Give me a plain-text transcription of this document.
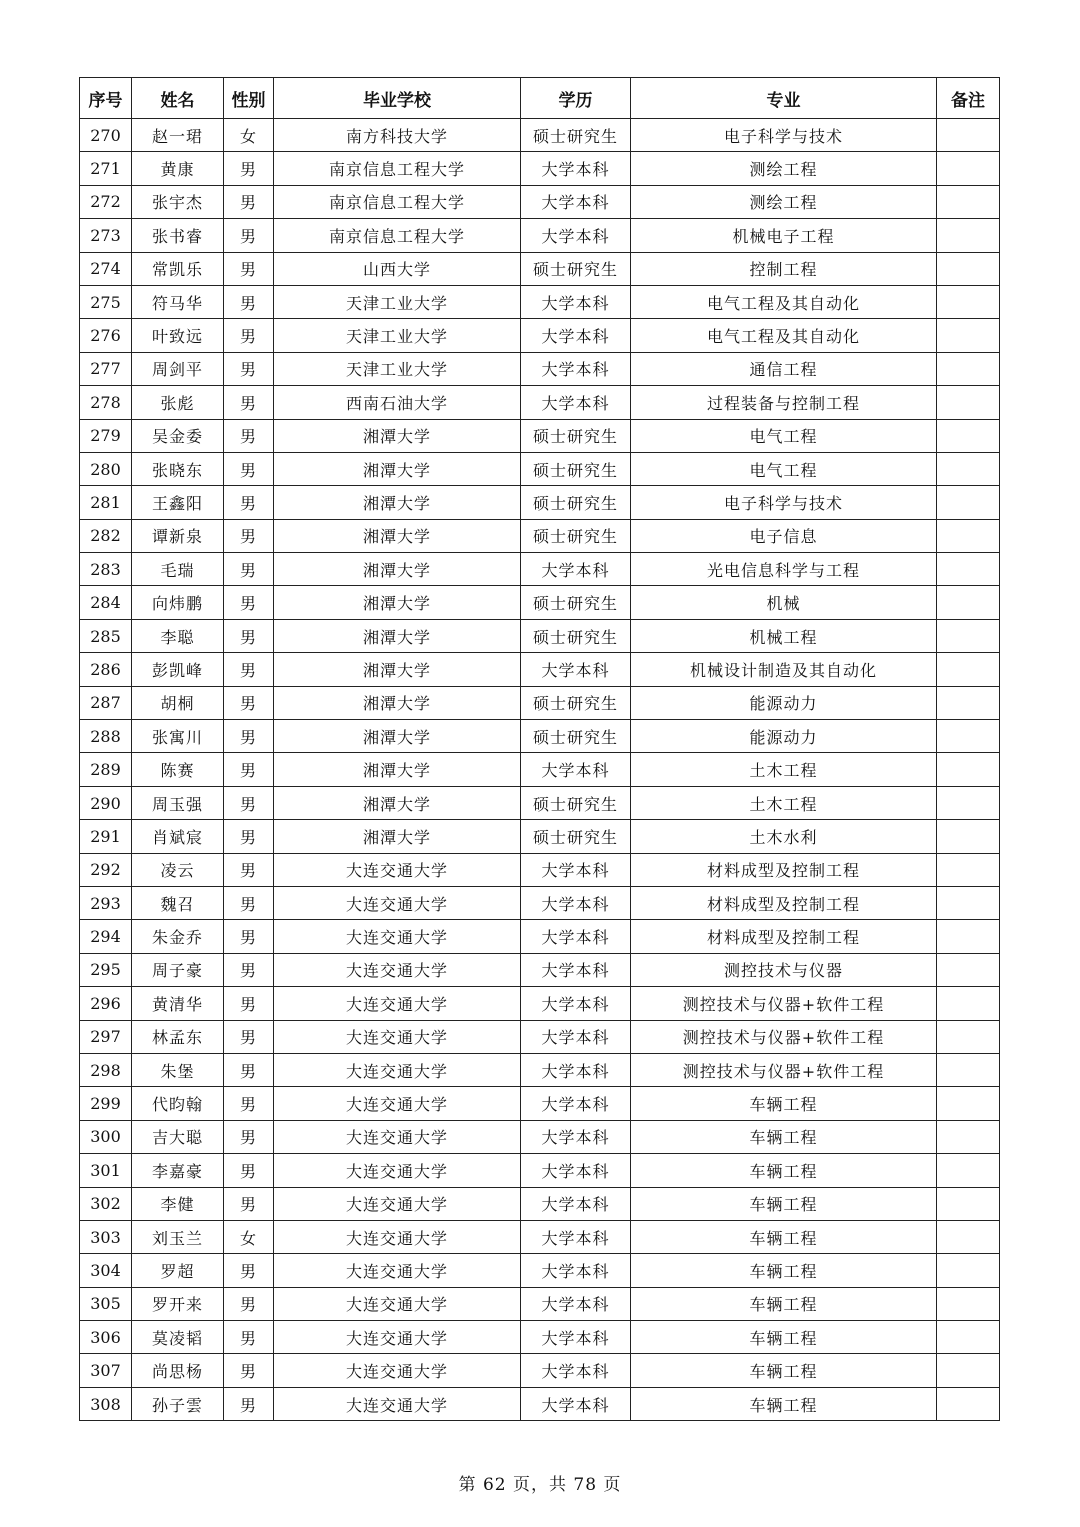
序号	姓名	性别	毕业学校	学历	专业	备注
270	赵一珺	女	南方科技大学	硕士研究生	电子科学与技术	
271	黄康	男	南京信息工程大学	大学本科	测绘工程	
272	张宇杰	男	南京信息工程大学	大学本科	测绘工程	
273	张书睿	男	南京信息工程大学	大学本科	机械电子工程	
274	常凯乐	男	山西大学	硕士研究生	控制工程	
275	符马华	男	天津工业大学	大学本科	电气工程及其自动化	
276	叶致远	男	天津工业大学	大学本科	电气工程及其自动化	
277	周剑平	男	天津工业大学	大学本科	通信工程	
278	张彪	男	西南石油大学	大学本科	过程装备与控制工程	
279	吴金委	男	湘潭大学	硕士研究生	电气工程	
280	张晓东	男	湘潭大学	硕士研究生	电气工程	
281	王鑫阳	男	湘潭大学	硕士研究生	电子科学与技术	
282	谭新泉	男	湘潭大学	硕士研究生	电子信息	
283	毛瑞	男	湘潭大学	大学本科	光电信息科学与工程	
284	向炜鹏	男	湘潭大学	硕士研究生	机械	
285	李聪	男	湘潭大学	硕士研究生	机械工程	
286	彭凯峰	男	湘潭大学	大学本科	机械设计制造及其自动化	
287	胡桐	男	湘潭大学	硕士研究生	能源动力	
288	张寓川	男	湘潭大学	硕士研究生	能源动力	
289	陈赛	男	湘潭大学	大学本科	土木工程	
290	周玉强	男	湘潭大学	硕士研究生	土木工程	
291	肖斌宸	男	湘潭大学	硕士研究生	土木水利	
292	凌云	男	大连交通大学	大学本科	材料成型及控制工程	
293	魏召	男	大连交通大学	大学本科	材料成型及控制工程	
294	朱金乔	男	大连交通大学	大学本科	材料成型及控制工程	
295	周子豪	男	大连交通大学	大学本科	测控技术与仪器	
296	黄清华	男	大连交通大学	大学本科	测控技术与仪器+软件工程	
297	林孟东	男	大连交通大学	大学本科	测控技术与仪器+软件工程	
298	朱堡	男	大连交通大学	大学本科	测控技术与仪器+软件工程	
299	代昀翰	男	大连交通大学	大学本科	车辆工程	
300	吉大聪	男	大连交通大学	大学本科	车辆工程	
301	李嘉豪	男	大连交通大学	大学本科	车辆工程	
302	李健	男	大连交通大学	大学本科	车辆工程	
303	刘玉兰	女	大连交通大学	大学本科	车辆工程	
304	罗超	男	大连交通大学	大学本科	车辆工程	
305	罗开来	男	大连交通大学	大学本科	车辆工程	
306	莫凌韬	男	大连交通大学	大学本科	车辆工程	
307	尚思杨	男	大连交通大学	大学本科	车辆工程	
308	孙子雲	男	大连交通大学	大学本科	车辆工程	
第 62 页，共 78 页
